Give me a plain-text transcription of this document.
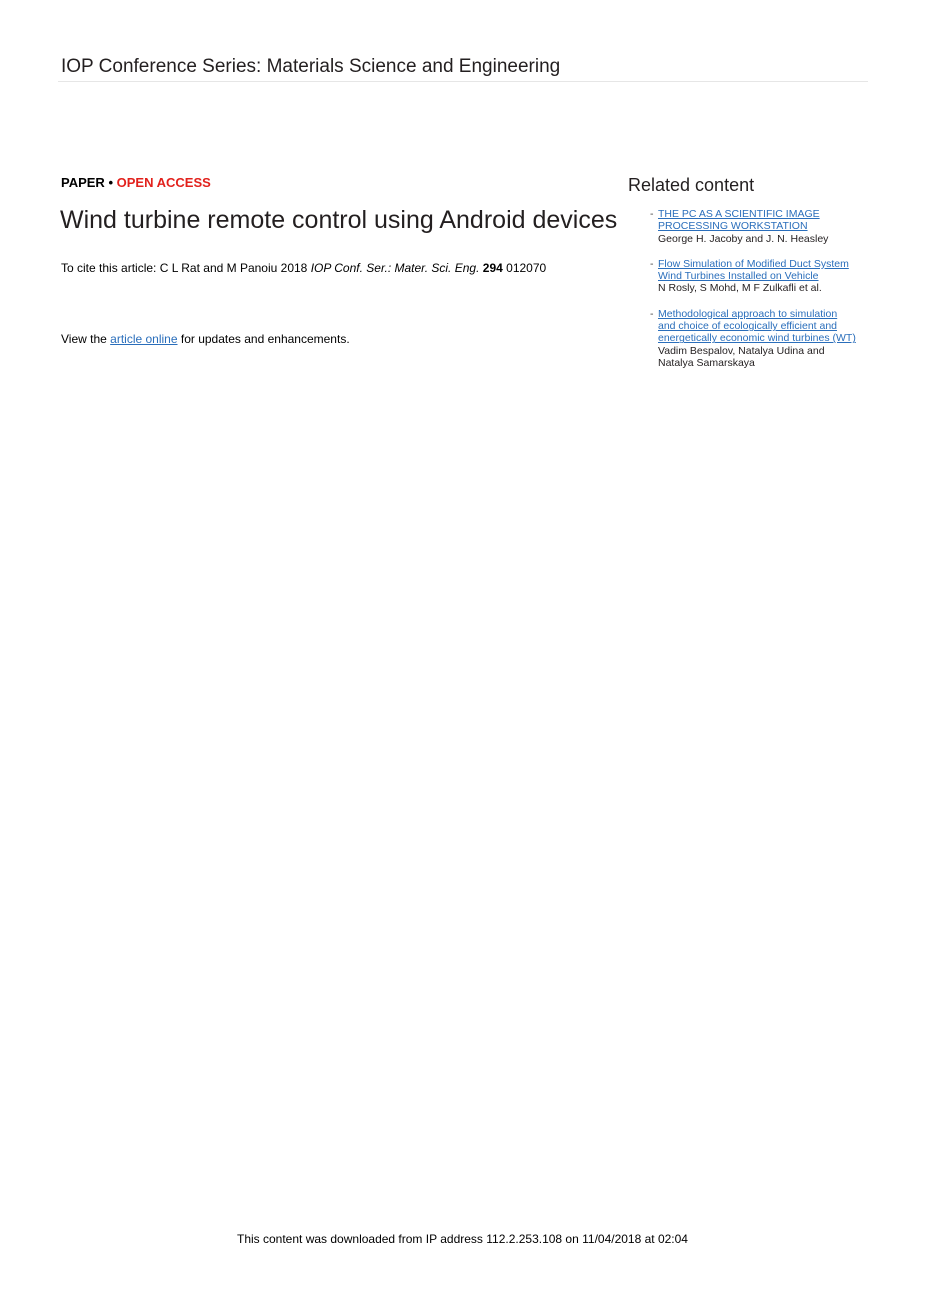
IOP Conference Series: Materials Science and Engineering
PAPER • OPEN ACCESS
Wind turbine remote control using Android devices
To cite this article: C L Rat and M Panoiu 2018 IOP Conf. Ser.: Mater. Sci. Eng. 294 012070
View the article online for updates and enhancements.
Related content
- THE PC AS A SCIENTIFIC IMAGE
PROCESSING WORKSTATION
George H. Jacoby and J. N. Heasley
- Flow Simulation of Modified Duct System
Wind Turbines Installed on Vehicle
N Rosly, S Mohd, M F Zulkafli et al.
- Methodological approach to simulation
and choice of ecologically efficient and
energetically economic wind turbines (WT)
Vadim Bespalov, Natalya Udina and
Natalya Samarskaya
This content was downloaded from IP address 112.2.253.108 on 11/04/2018 at 02:04
